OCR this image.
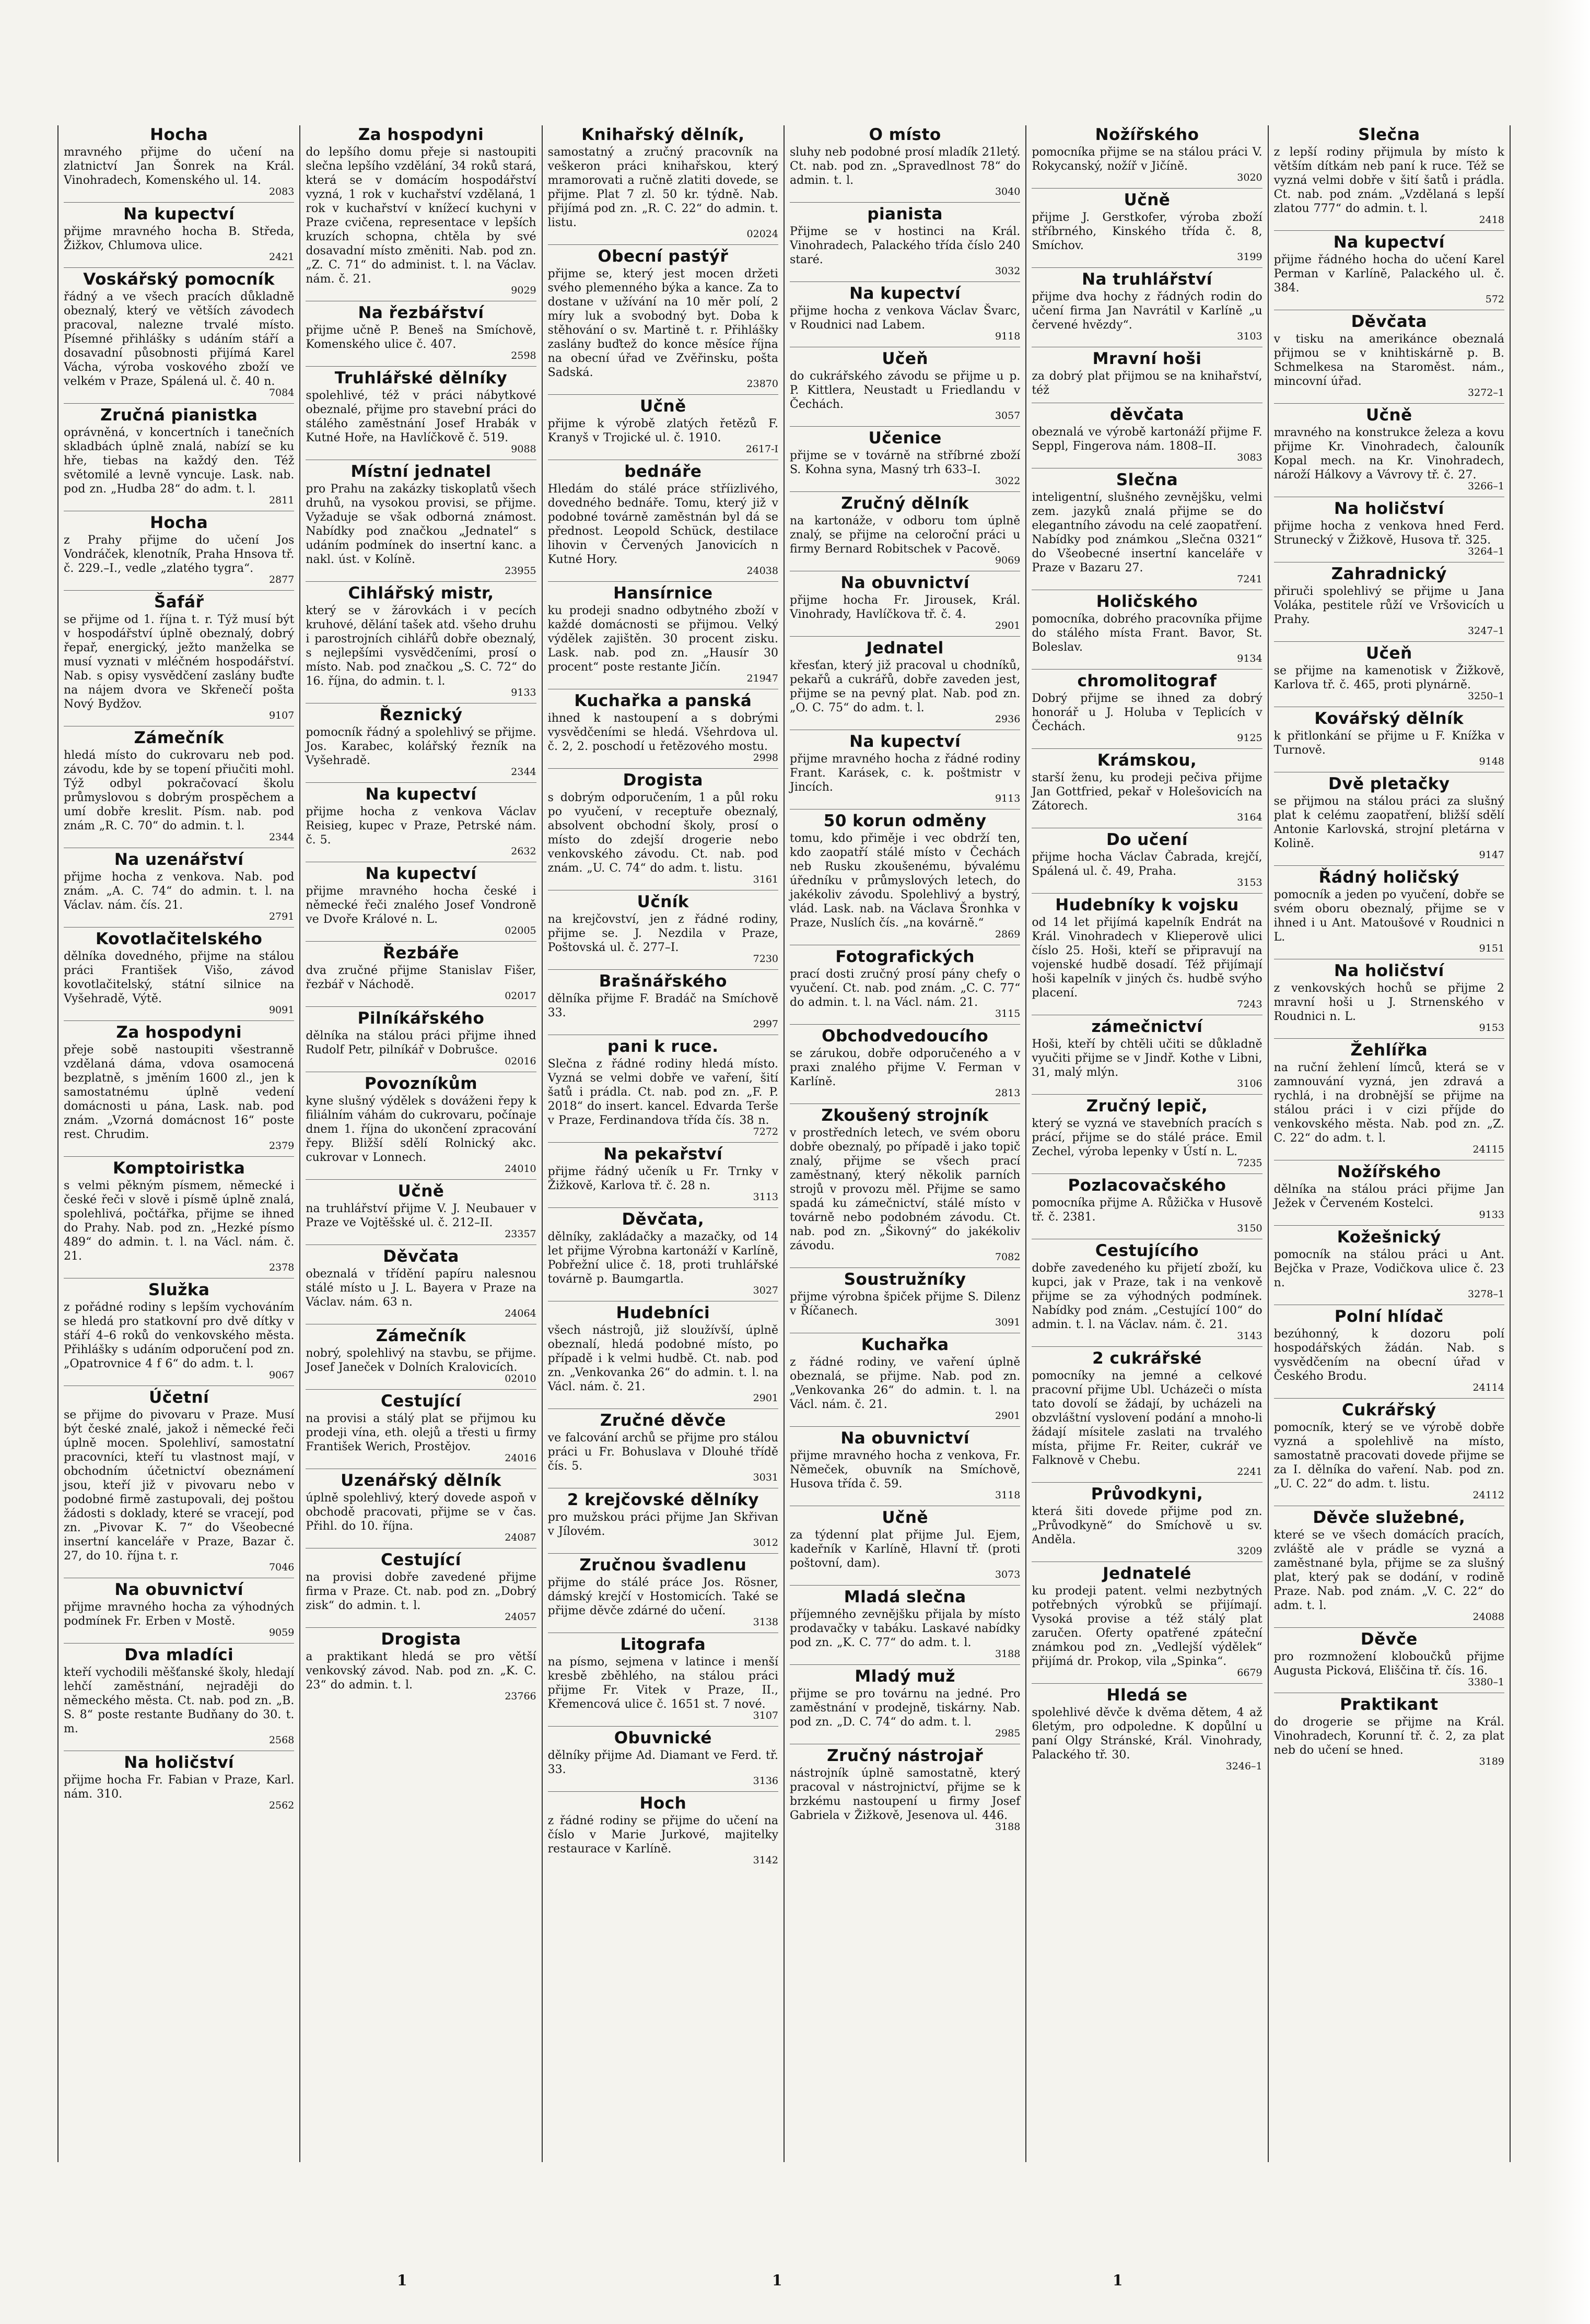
Hocha

mravného přijme do učení na zlatnictví Jan Šonrek na Král. Vinohradech, Komenského ul. 14.

2083
Na kupectví

přijme mravného hocha B. Středa, Žižkov, Chlumova ulice.

2421
Voskářský pomocník

řádný a ve všech pracích důkladně obeznalý, který ve větších závodech pracoval, nalezne trvalé místo. Písemné přihlášky s udáním stáří a dosavadní působnosti přijímá Karel Vácha, výroba voskového zboží ve velkém v Praze, Spálená ul. č. 40 n.

7084
Zručná pianistka

oprávněná, v koncertních i tanečních skladbách úplně znalá, nabízí se ku hře, tiebas na každý den. Též světomilé a levně vyncuje. Lask. nab. pod zn. „Hudba 28“ do adm. t. l.

2811
Hocha

z Prahy přijme do učení Jos Vondráček, klenotník, Praha Hnsova tř. č. 229.–I., vedle „zlatého tygra“.

2877
Šafář

se přijme od 1. října t. r. Týž musí být v hospodářství úplně obeznalý, dobrý řepař, energický, ježto manželka se musí vyznati v mléčném hospodářství. Nab. s opisy vysvědčení zaslány buďte na nájem dvora ve Skřenečí pošta Nový Bydžov.

9107
Zámečník

hledá místo do cukrovaru neb pod. závodu, kde by se topení přiučiti mohl. Týž odbyl pokračovací školu průmyslovou s dobrým prospěchem a umí dobře kreslit. Písm. nab. pod znám „R. C. 70“ do admin. t. l.

2344
Na uzenářství

přijme hocha z venkova. Nab. pod znám. „A. C. 74“ do admin. t. l. na Václav. nám. čís. 21.

2791
Kovotlačitelského

dělníka dovedného, přijme na stálou práci František Višo, závod kovotlačitelský, státní silnice na Vyšehradě, Výtě.

9091
Za hospodyni

přeje sobě nastoupiti všestranně vzdělaná dáma, vdova osamocená bezplatně, s jměním 1600 zl., jen k samostatnému úplně vedení domácnosti u pána, Lask. nab. pod znám. „Vzorná domácnost 16“ poste rest. Chrudim.

2379
Komptoiristka

s velmi pěkným písmem, německé i české řeči v slově i písmě úplně znalá, spolehlivá, počtářka, přijme se ihned do Prahy. Nab. pod zn. „Hezké písmo 489“ do admin. t. l. na Václ. nám. č. 21.

2378
Služka

z pořádné rodiny s lepším vychováním se hledá pro statkovní pro dvě dítky v stáří 4–6 roků do venkovského města. Přihlášky s udáním odporučení pod zn. „Opatrovnice 4 f 6“ do adm. t. l.

9067
Účetní

se přijme do pivovaru v Praze. Musí být české znalé, jakož i německé řeči úplně mocen. Spolehliví, samostatní pracovníci, kteří tu vlastnost mají, v obchodním účetnictví obeznámení jsou, kteří již v pivovaru nebo v podobné firmě zastupovali, dej poštou žádosti s doklady, které se vracejí, pod zn. „Pivovar K. 7“ do Všeobecné insertní kanceláře v Praze, Bazar č. 27, do 10. října t. r.

7046
Na obuvnictví

přijme mravného hocha za výhodných podmínek Fr. Erben v Mostě.

9059
Dva mladíci

kteří vychodili měšťanské školy, hledají lehčí zaměstnání, nejraději do německého města. Ct. nab. pod zn. „B. S. 8“ poste restante Budňany do 30. t. m.

2568
Na holičství

přijme hocha Fr. Fabian v Praze, Karl. nám. 310.

2562
Za hospodyni

do lepšího domu přeje si nastoupiti slečna lepšího vzdělání, 34 roků stará, která se v domácím hospodářství vyzná, 1 rok v kuchařství vzdělaná, 1 rok v kuchařství v knížecí kuchyni v Praze cvičena, representace v lepších kruzích schopna, chtěla by své dosavadní místo změniti. Nab. pod zn. „Z. C. 71“ do administ. t. l. na Václav. nám. č. 21.

9029
Na řezbářství

přijme učně P. Beneš na Smíchově, Komenského ulice č. 407.

2598
Truhlářské dělníky

spolehlivé, též v práci nábytkové obeznalé, přijme pro stavební práci do stálého zaměstnání Josef Hrabák v Kutné Hoře, na Havlíčkově č. 519.

9088
Místní jednatel

pro Prahu na zakázky tiskoplatů všech druhů, na vysokou provisi, se přijme. Vyžaduje se však odborná známost. Nabídky pod značkou „Jednatel“ s udáním podmínek do insertní kanc. a nakl. úst. v Kolíně.

23955
Cihlářský mistr,

který se v žárovkách i v pecích kruhové, dělání tašek atd. všeho druhu i parostrojních cihlářů dobře obeznalý, s nejlepšími vysvědčeními, prosí o místo. Nab. pod značkou „S. C. 72“ do 16. října, do admin. t. l.

9133
Řeznický

pomocník řádný a spolehlivý se přijme. Jos. Karabec, kolářský řezník na Vyšehradě.

2344
Na kupectví

přijme hocha z venkova Václav Reisieg, kupec v Praze, Petrské nám. č. 5.

2632
Na kupectví

přijme mravného hocha české i německé řeči znalého Josef Vondroně ve Dvoře Králové n. L.

02005
Řezbáře

dva zručné přijme Stanislav Fišer, řezbář v Náchodě.

02017
Pilníkářského

dělníka na stálou práci přijme ihned Rudolf Petr, pilníkář v Dobrušce.

02016
Povozníkům

kyne slušný výdělek s dováženi řepy k filiálním váhám do cukrovaru, počínaje dnem 1. října do ukončení zpracování řepy. Bližší sdělí Rolnický akc. cukrovar v Lonnech.

24010
Učně

na truhlářství přijme V. J. Neubauer v Praze ve Vojtěšské ul. č. 212–II.

23357
Děvčata

obeznalá v třídění papíru nalesnou stálé místo u J. L. Bayera v Praze na Václav. nám. 63 n.

24064
Zámečník

nobrý, spolehlivý na stavbu, se přijme. Josef Janeček v Dolních Kralovicích.

02010
Cestující

na provisi a stálý plat se přijmou ku prodeji vína, eth. olejů a třesti u firmy František Werich, Prostějov.

24016
Uzenářský dělník

úplně spolehlivý, který dovede aspoň v obchodě pracovati, přijme se v čas. Přihl. do 10. října.

24087
Cestující

na provisi dobře zavedené přijme firma v Praze. Ct. nab. pod zn. „Dobrý zisk“ do admin. t. l.

24057
Drogista

a praktikant hledá se pro větší venkovský závod. Nab. pod zn. „K. C. 23“ do admin. t. l.

23766
Knihařský dělník,

samostatný a zručný pracovník na veškeron práci knihařskou, který mramorovati a ručně zlatiti dovede, se přijme. Plat 7 zl. 50 kr. týdně. Nab. přijímá pod zn. „R. C. 22“ do admin. t. listu.

02024
Obecní pastýř

přijme se, který jest mocen držeti svého plemenného býka a kance. Za to dostane v užívání na 10 měr polí, 2 míry luk a svobodný byt. Doba k stěhování o sv. Martině t. r. Přihlášky zaslány buďtež do konce měsíce října na obecní úřad ve Zvěřinsku, pošta Sadská.

23870
Učně

přijme k výrobě zlatých řetězů F. Kranyš v Trojické ul. č. 1910.

2617-I
bednáře

Hledám do stálé práce stříizlivého, dovedného bednáře. Tomu, který již v podobné továrně zaměstnán byl dá se přednost. Leopold Schück, destilace lihovin v Červených Janovicích n Kutné Hory.

24038
Hansírnice

ku prodeji snadno odbytného zboží v každé domácnosti se přijmou. Velký výdělek zajištěn. 30 procent zisku. Lask. nab. pod zn. „Hausír 30 procent“ poste restante Jičín.

21947
Kuchařka a panská

ihned k nastoupení a s dobrými vysvědčeními se hledá. Všehrdova ul. č. 2, 2. poschodí u řetězového mostu.

2998
Drogista

s dobrým odporučením, 1 a půl roku po vyučení, v receptuře obeznalý, absolvent obchodní školy, prosí o místo do zdejší drogerie nebo venkovského závodu. Ct. nab. pod znám. „U. C. 74“ do adm. t. listu.

3161
Učník

na krejčovství, jen z řádné rodiny, přijme se. J. Nezdila v Praze, Poštovská ul. č. 277–I.

7230
Brašnářského

dělníka přijme F. Bradáč na Smíchově 33.

2997
pani k ruce.

Slečna z řádné rodiny hledá místo. Vyzná se velmi dobře ve vaření, šití šatů i prádla. Ct. nab. pod zn. „F. P. 2018“ do insert. kancel. Edvarda Terše v Praze, Ferdinandova třída čís. 38 n.

7272
Na pekařství

přijme řádný učeník u Fr. Trnky v Žižkově, Karlova tř. č. 28 n.

3113
Děvčata,

dělníky, zakládačky a mazačky, od 14 let přijme Výrobna kartonáží v Karlíně, Pobřežní ulice č. 18, proti truhlářské továrně p. Baumgartla.

3027
Hudebníci

všech nástrojů, již sloužívší, úplně obeznalí, hledá podobné místo, po případě i k velmi hudbě. Ct. nab. pod zn. „Venkovanka 26“ do admin. t. l. na Václ. nám. č. 21.

2901
Zručné děvče

ve falcování archů se přijme pro stálou práci u Fr. Bohuslava v Dlouhé třídě čís. 5.

3031
2 krejčovské dělníky

pro mužskou práci přijme Jan Skřivan v Jílovém.

3012
Zručnou švadlenu

přijme do stálé práce Jos. Rösner, dámský krejčí v Hostomicích. Také se přijme děvče zdárné do učení.

3138
Litografa

na písmo, sejmena v latince i menší kresbě zběhlého, na stálou práci přijme Fr. Vitek v Praze, II., Křemencová ulice č. 1651 st. 7 nové.

3107
Obuvnické

dělníky přijme Ad. Diamant ve Ferd. tř. 33.

3136
Hoch

z řádné rodiny se přijme do učení na číslo v Marie Jurkové, majitelky restaurace v Karlíně.

3142
O místo

sluhy neb podobné prosí mladík 21letý. Ct. nab. pod zn. „Spravedlnost 78“ do admin. t. l.

3040
pianista

Přijme se v hostinci na Král. Vinohradech, Palackého třída číslo 240 staré.

3032
Na kupectví

přijme hocha z venkova Václav Švarc, v Roudnici nad Labem.

9118
Učeň

do cukrářského závodu se přijme u p. P. Kittlera, Neustadt u Friedlandu v Čechách.

3057
Učenice

přijme se v továrně na stříbrné zboží S. Kohna syna, Masný trh 633–I.

3022
Zručný dělník

na kartonáže, v odboru tom úplně znalý, se přijme na celoroční práci u firmy Bernard Robitschek v Pacově.

9069
Na obuvnictví

přijme hocha Fr. Jirousek, Král. Vinohrady, Havlíčkova tř. č. 4.

2901
Jednatel

křesťan, který již pracoval u chodníků, pekařů a cukrářů, dobře zaveden jest, přijme se na pevný plat. Nab. pod zn. „O. C. 75“ do adm. t. l.

2936
Na kupectví

přijme mravného hocha z řádné rodiny Frant. Karásek, c. k. poštmistr v Jincích.

9113
50 korun odměny

tomu, kdo přiměje i vec obdrží ten, kdo zaopatří stálé místo v Čechách neb Rusku zkoušenému, bývalému úředníku v průmyslových letech, do jakékoliv závodu. Spolehlivý a bystrý, vlád. Lask. nab. na Václava Šronhka v Praze, Nuslích čís. „na kovárně.“

2869
Fotografických

prací dosti zručný prosí pány chefy o vyučení. Ct. nab. pod znám. „C. C. 77“ do admin. t. l. na Václ. nám. 21.

3115
Obchodvedoucího

se zárukou, dobře odporučeného a v praxi znalého přijme V. Ferman v Karlíně.

2813
Zkoušený strojník

v prostředních letech, ve svém oboru dobře obeznalý, po případě i jako topič znalý, přijme se všech prací zaměstnaný, který několik parních strojů v provozu měl. Přijme se samo spadá ku zámečnictví, stálé místo v továrně nebo podobném závodu. Ct. nab. pod zn. „Šikovný“ do jakékoliv závodu.

7082
Soustružníky

přijme výrobna špiček přijme S. Dilenz v Říčanech.

3091
Kuchařka

z řádné rodiny, ve vaření úplně obeznalá, se přijme. Nab. pod zn. „Venkovanka 26“ do admin. t. l. na Václ. nám. č. 21.

2901
Na obuvnictví

přijme mravného hocha z venkova, Fr. Němeček, obuvník na Smíchově, Husova třída č. 59.

3118
Učně

za týdenní plat přijme Jul. Ejem, kadeřník v Karlíně, Hlavní tř. (proti poštovní, dam).

3073
Mladá slečna

příjemného zevnějšku přijala by místo prodavačky v tabáku. Laskavé nabídky pod zn. „K. C. 77“ do adm. t. l.

3188
Mladý muž

přijme se pro továrnu na jedné. Pro zaměstnání v prodejně, tiskárny. Nab. pod zn. „D. C. 74“ do adm. t. l.

2985
Zručný nástrojař

nástrojník úplně samostatně, který pracoval v nástrojnictví, přijme se k brzkému nastoupení u firmy Josef Gabriela v Žižkově, Jesenova ul. 446.

3188
Nožířského

pomocníka přijme se na stálou práci V. Rokycanský, nožíř v Jičíně.

3020
Učně

přijme J. Gerstkofer, výroba zboží stříbrného, Kinského třída č. 8, Smíchov.

3199
Na truhlářství

přijme dva hochy z řádných rodin do učení firma Jan Navrátil v Karlíně „u červené hvězdy“.

3103
Mravní hoši

za dobrý plat přijmou se na knihařství, též

děvčata

obeznalá ve výrobě kartonáží přijme F. Seppl, Fingerova nám. 1808–II.

3083
Slečna

inteligentní, slušného zevnějšku, velmi zem. jazyků znalá přijme se do elegantního závodu na celé zaopatření. Nabídky pod známkou „Slečna 0321“ do Všeobecné insertní kanceláře v Praze v Bazaru 27.

7241
Holičského

pomocníka, dobrého pracovníka přijme do stálého místa Frant. Bavor, St. Boleslav.

9134
chromolitograf

Dobrý přijme se ihned za dobrý honorář u J. Holuba v Teplicích v Čechách.

9125
Krámskou,

starší ženu, ku prodeji pečiva přijme Jan Gottfried, pekař v Holešovicích na Zátorech.

3164
Do učení

přijme hocha Václav Čabrada, krejčí, Spálená ul. č. 49, Praha.

3153
Hudebníky k vojsku

od 14 let přijímá kapelník Endrát na Král. Vinohradech v Klieperově ulici číslo 25. Hoši, kteří se připravují na vojenské hudbě dosadí. Též přijímají hoši kapelník v jiných čs. hudbě svýho placení.

7243
zámečnictví

Hoši, kteří by chtěli učiti se důkladně vyučiti přijme se v Jindř. Kothe v Libni, 31, malý mlýn.

3106
Zručný lepič,

který se vyzná ve stavebních pracích s prácí, přijme se do stálé práce. Emil Zechel, výroba lepenky v Ústí n. L.

7235
Pozlacovačského

pomocníka přijme A. Růžička v Husově tř. č. 2381.

3150
Cestujícího

dobře zavedeného ku přijetí zboží, ku kupci, jak v Praze, tak i na venkově přijme se za výhodných podmínek. Nabídky pod znám. „Cestující 100“ do admin. t. l. na Václav. nám. č. 21.

3143
2 cukrářské

pomocníky na jemné a celkové pracovní přijme Ubl. Ucházeči o místa tato dovolí se žádají, by ucházeli na obzvláštní vyslovení podání a mnoho-li žádají mísitele zaslati na trvalého místa, přijme Fr. Reiter, cukrář ve Falknově v Chebu.

2241
Průvodkyni,

která šiti dovede přijme pod zn. „Průvodkyně“ do Smíchově u sv. Anděla.

3209
Jednatelé

ku prodeji patent. velmi nezbytných potřebných výrobků se přijímají. Vysoká provise a též stálý plat zaručen. Oferty opatřené zpáteční známkou pod zn. „Vedlejší výdělek“ přijímá dr. Prokop, vila „Spinka“.

6679
Hledá se

spolehlivé děvče k dvěma dětem, 4 až 6letým, pro odpoledne. K dopůlní u paní Olgy Stránské, Král. Vinohrady, Palackého tř. 30.

3246–1
Slečna

z lepší rodiny přijmula by místo k větším dítkám neb paní k ruce. Též se vyzná velmi dobře v šití šatů i prádla. Ct. nab. pod znám. „Vzdělaná s lepší zlatou 777“ do admin. t. l.

2418
Na kupectví

přijme řádného hocha do učení Karel Perman v Karlíně, Palackého ul. č. 384.

572
Děvčata

v tisku na amerikánce obeznalá přijmou se v knihtiskárně p. B. Schmelkesa na Staroměst. nám., mincovní úřad.

3272–1
Učně

mravného na konstrukce železa a kovu přijme Kr. Vinohradech, čalouník Kopal mech. na Kr. Vinohradech, nároží Hálkovy a Vávrovy tř. č. 27.

3266–1
Na holičství

přijme hocha z venkova hned Ferd. Strunecký v Žižkově, Husova tř. 325.

3264–1
Zahradnický

přiruči spolehlivý se přijme u Jana Voláka, pestitele růží ve Vršovicích u Prahy.

3247–1
Učeň

se přijme na kamenotisk v Žižkově, Karlova tř. č. 465, proti plynárně.

3250–1
Kovářský dělník

k přitlonkání se přijme u F. Knížka v Turnově.

9148
Dvě pletačky

se přijmou na stálou práci za slušný plat k celému zaopatření, bližší sdělí Antonie Karlovská, strojní pletárna v Kolině.

9147
Řádný holičský

pomocník a jeden po vyučení, dobře se svém oboru obeznalý, přijme se v ihned i u Ant. Matoušové v Roudnici n L.

9151
Na holičství

z venkovských hochů se přijme 2 mravní hoši u J. Strnenského v Roudnici n. L.

9153
Žehlířka

na ruční žehlení límců, která se v zamnouvání vyzná, jen zdravá a rychlá, i na drobnější se přijme na stálou práci i v cizi příjde do venkovského města. Nab. pod zn. „Z. C. 22“ do adm. t. l.

24115
Nožířského

dělníka na stálou práci přijme Jan Ježek v Červeném Kostelci.

9133
Kožešnický

pomocník na stálou práci u Ant. Bejčka v Praze, Vodičkova ulice č. 23 n.

3278–1
Polní hlídač

bezúhonný, k dozoru polí hospodářských žádán. Nab. s vysvědčením na obecní úřad v Českého Brodu.

24114
Cukrářský

pomocník, který se ve výrobě dobře vyzná a spolehlivě na místo, samostatně pracovati dovede přijme se za I. dělníka do vaření. Nab. pod zn. „U. C. 22“ do adm. t. listu.

24112
Děvče služebné,

které se ve všech domácích pracích, zvláště ale v prádle se vyzná a zaměstnané byla, přijme se za slušný plat, který pak se dodání, v rodině Praze. Nab. pod znám. „V. C. 22“ do adm. t. l.

24088
Děvče

pro rozmnožení kloboučků přijme Augusta Picková, Eliščina tř. čís. 16.

3380–1
Praktikant

do drogerie se přijme na Král. Vinohradech, Korunní tř. č. 2, za plat neb do učení se hned.

3189
1	1	1
